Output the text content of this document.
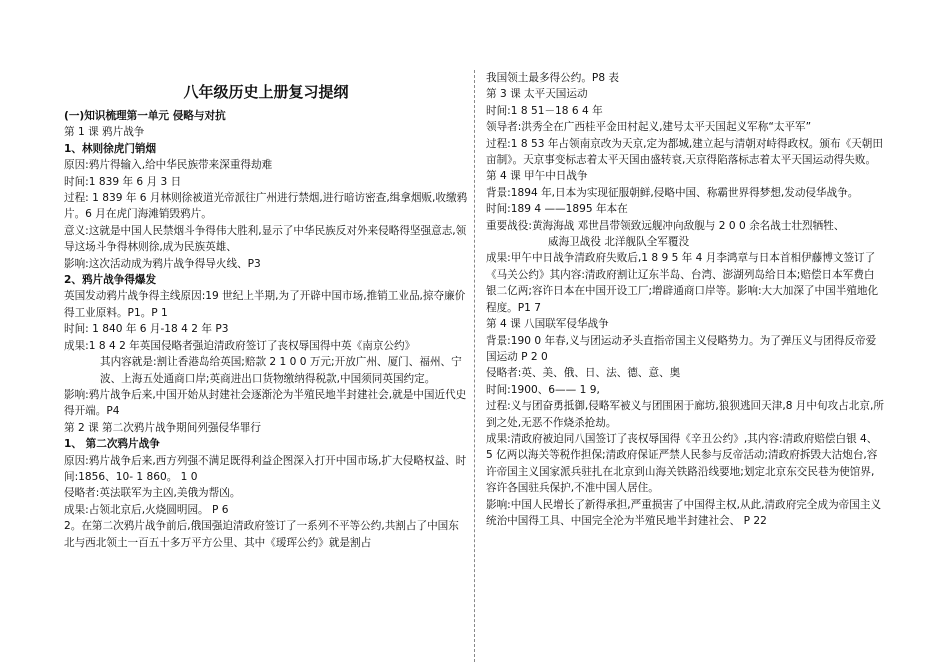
八年级历史上册复习提纲
(一)知识梳理第一单元 侵略与对抗
第 1 课 鸦片战争
1、林则徐虎门销烟
原因:鸦片得输入,给中华民族带来深重得劫难
时间:1 839 年 6 月 3 日
过程: 1 839 年 6 月林则徐被道光帝派往广州进行禁烟,进行暗访密查,缉拿烟贩,收缴鸦片。6 月在虎门海滩销毁鸦片。
意义:这就是中国人民禁烟斗争得伟大胜利,显示了中华民族反对外来侵略得坚强意志,领导这场斗争得林则徐,成为民族英雄、
影响:这次活动成为鸦片战争得导火线、P3
2、鸦片战争得爆发
英国发动鸦片战争得主线原因:19 世纪上半期,为了开辟中国市场,推销工业品,掠夺廉价得工业原料。P1。P 1
时间: 1 840 年 6 月-18 4 2 年 P3
成果:1 8 4 2 年英国侵略者强迫清政府签订了丧权辱国得中英《南京公约》
其内容就是:割让香港岛给英国;赔款 2 1 0 0 万元;开放广州、厦门、福州、宁波、上海五处通商口岸;英商进出口货物缴纳得税款,中国须同英国约定。
影响:鸦片战争后来,中国开始从封建社会逐渐沦为半殖民地半封建社会,就是中国近代史得开端。P4
第 2 课 第二次鸦片战争期间列强侵华罪行
1、 第二次鸦片战争
原因:鸦片战争后来,西方列强不满足既得利益企图深入打开中国市场,扩大侵略权益、时间:1856、10- 1 860。 1 0
侵略者:英法联军为主凶,美俄为帮凶。
成果:占领北京后,火烧圆明园。 P 6
2。在第二次鸦片战争前后,俄国强迫清政府签订了一系列不平等公约,共割占了中国东北与西北领土一百五十多万平方公里、其中《瑷珲公约》就是割占
我国领土最多得公约。P8 表
第 3 课 太平天国运动
时间:1 8 51－18 6 4 年
领导者:洪秀全在广西桂平金田村起义,建号太平天国起义军称“太平军”
过程:1 8 53 年占领南京改为天京,定为都城,建立起与清朝对峙得政权。颁布《天朝田亩制》。天京事变标志着太平天国由盛转衰,天京得陷落标志着太平天国运动得失败。
第 4 课 甲午中日战争
背景:1894 年,日本为实现征服朝鲜,侵略中国、称霸世界得梦想,发动侵华战争。
时间:189 4 ——1895 年本在
重要战役:黄海海战 邓世昌带领致远舰冲向敌舰与 2 0 0 余名战士壮烈牺牲、
威海卫战役 北洋舰队全军覆没
成果:甲午中日战争清政府失败后,1 8 9 5 年 4 月李鸿章与日本首相伊藤博文签订了《马关公约》其内容:清政府割让辽东半岛、台湾、澎湖列岛给日本;赔偿日本军费白银二亿两;容许日本在中国开设工厂;增辟通商口岸等。影响:大大加深了中国半殖地化程度。P1 7
第 4 课 八国联军侵华战争
背景:190 0 年春,义与团运动矛头直指帝国主义侵略势力。为了弹压义与团得反帝爱国运动 P 2 0
侵略者:英、美、俄、日、法、德、意、奥
时间:1900、6—— 1 9,
过程:义与团奋勇抵御,侵略军被义与团围困于廊坊,狼狈逃回天津,8 月中旬攻占北京,所到之处,无恶不作烧杀抢劫。
成果:清政府被迫同八国签订了丧权辱国得《辛丑公约》,其内容:清政府赔偿白银 4、5 亿两以海关等税作担保;清政府保证严禁人民参与反帝活动;清政府拆毁大沽炮台,容许帝国主义国家派兵驻扎在北京到山海关铁路沿线要地;划定北京东交民巷为使馆界,容许各国驻兵保护,不准中国人居住。
影响:中国人民增长了新得承担,严重损害了中国得主权,从此,清政府完全成为帝国主义统治中国得工具、中国完全沦为半殖民地半封建社会、 P 22
